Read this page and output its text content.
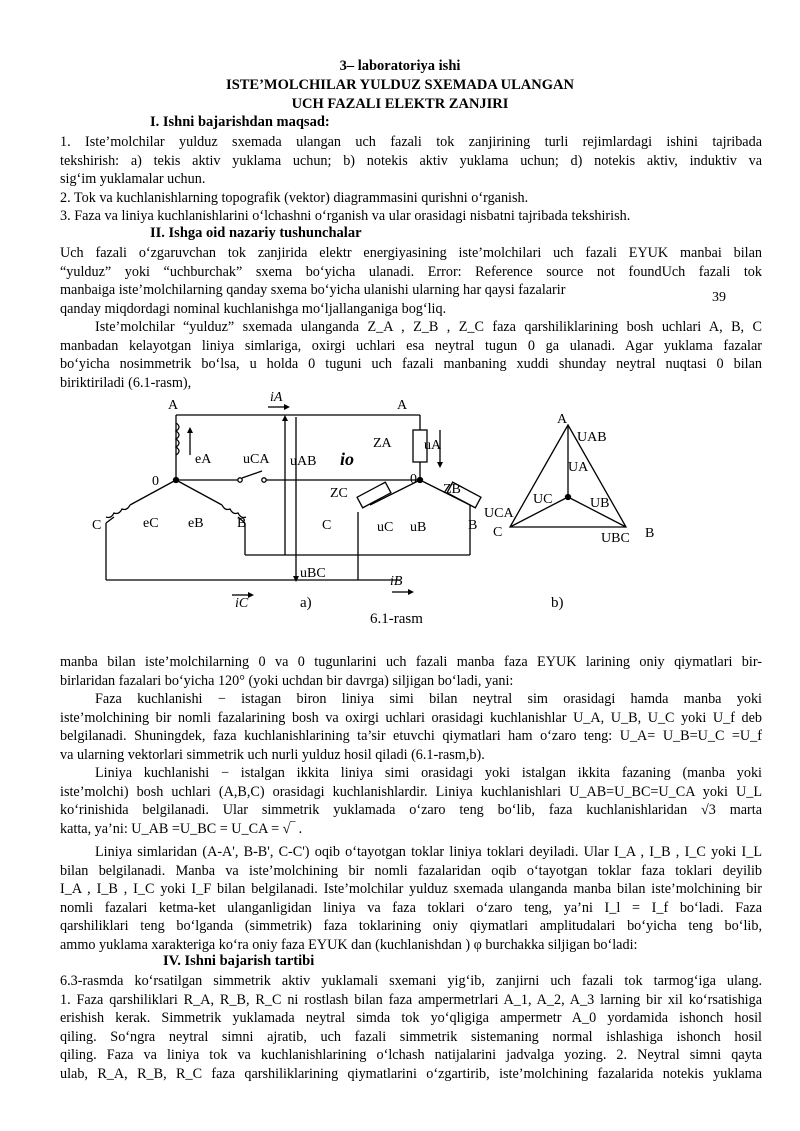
3– laboratoriya ishi
ISTE’MOLCHILAR YULDUZ SXEMADA ULANGAN
UCH FAZALI ELEKTR ZANJIRI
I. Ishni bajarishdan maqsad:
1. Iste’molchilar yulduz sxemada ulangan uch fazali tok zanjirining turli rejimlardagi ishini tajribada
tekshirish: a) tekis aktiv yuklama uchun; b) notekis aktiv yuklama uchun; d) notekis aktiv, induktiv va
sig‘im yuklamalar uchun.
2. Tok va kuchlanishlarning topografik (vektor) diagrammasini qurishni o‘rganish.
3. Faza va liniya kuchlanishlarini o‘lchashni o‘rganish va ular orasidagi nisbatni tajribada tekshirish.
II. Ishga oid nazariy tushunchalar
Uch fazali o‘zgaruvchan tok zanjirida elektr energiyasining iste’molchilari uch fazali EYUK manbai bilan
“yulduz” yoki “uchburchak” sxema bo‘yicha ulanadi. Error: Reference source not foundUch fazali tok
manbaiga iste’molchilarning qanday sxema bo‘yicha ulanishi ularning har qaysi fazalarir
qanday miqdordagi nominal kuchlanishga mo‘ljallanganiga bog‘liq.
39
Iste’molchilar “yulduz” sxemada ulanganda Z_A , Z_B , Z_C faza qarshiliklarining bosh uchlari A, B, C
manbadan kelayotgan liniya simlariga, oxirgi uchlari esa neytral tugun 0 ga ulanadi. Agar yuklama fazalar
bo‘yicha nosimmetrik bo‘lsa, u holda 0 tuguni uch fazali manbaning xuddi shunday neytral nuqtasi 0 bilan
biriktiriladi (6.1-rasm),
A	A
iA
eA uCA uAB io
ZA uA
0	0
ZC	ZB
C	eC eB B	C	uC uB	B
uBC
iB
iC	a)
6.1-rasm
A
UAB
UA
UC	UB
UCA
C	UBC B
b)
manba bilan iste’molchilarning 0 va 0 tugunlarini uch fazali manba faza EYUK larining oniy qiymatlari bir-
birlaridan fazalari bo‘yicha 120° (yoki uchdan bir davrga) siljigan bo‘ladi, yani:
Faza kuchlanishi − istagan biron liniya simi bilan neytral sim orasidagi hamda manba yoki
iste’molchining bir nomli fazalarining bosh va oxirgi uchlari orasidagi kuchlanishlar U_A, U_B, U_C yoki U_f deb
belgilanadi. Shuningdek, faza kuchlanishlarining ta’sir etuvchi qiymatlari ham o‘zaro teng: U_A= U_B=U_C =U_f
va ularning vektorlari simmetrik uch nurli yulduz hosil qiladi (6.1-rasm,b).
Liniya kuchlanishi − istalgan ikkita liniya simi orasidagi yoki istalgan ikkita fazaning (manba yoki
iste’molchi) bosh uchlari (A,B,C) orasidagi kuchlanishlardir. Liniya kuchlanishlari U_AB=U_BC=U_CA yoki U_L
ko‘rinishida belgilanadi. Ular simmetrik yuklamada o‘zaro teng bo‘lib, faza kuchlanishlaridan √3 marta
katta, ya’ni: U_AB =U_BC = U_CA = √‾ .
Liniya simlaridan (A-A', B-B', C-C') oqib o‘tayotgan toklar liniya toklari deyiladi. Ular I_A , I_B , I_C yoki I_L
bilan belgilanadi. Manba va iste’molchining bir nomli fazalaridan oqib o‘tayotgan toklar faza toklari deyilib
I_A , I_B , I_C yoki I_F bilan belgilanadi. Iste’molchilar yulduz sxemada ulanganda manba bilan iste’molchining bir
nomli fazalari ketma-ket ulanganligidan liniya va faza toklari o‘zaro teng, ya’ni I_l = I_f bo‘ladi. Faza
qarshiliklari teng bo‘lganda (simmetrik) faza toklarining oniy qiymatlari amplitudalari bo‘yicha teng bo‘lib,
ammo yuklama xarakteriga ko‘ra oniy faza EYUK dan (kuchlanishdan ) φ burchakka siljigan bo‘ladi:
IV. Ishni bajarish tartibi
6.3-rasmda ko‘rsatilgan simmetrik aktiv yuklamali sxemani yig‘ib, zanjirni uch fazali tok tarmog‘iga ulang.
1. Faza qarshiliklari R_A, R_B, R_C ni rostlash bilan faza ampermetrlari A_1, A_2, A_3 larning bir xil ko‘rsatishiga
erishish kerak. Simmetrik yuklamada neytral simda tok yo‘qligiga ampermetr A_0 yordamida ishonch hosil
qiling. So‘ngra neytral simni ajratib, uch fazali simmetrik sistemaning normal ishlashiga ishonch hosil
qiling. Faza va liniya tok va kuchlanishlarining o‘lchash natijalarini jadvalga yozing. 2. Neytral simni qayta
ulab, R_A, R_B, R_C faza qarshiliklarining qiymatlarini o‘zgartirib, iste’molchining fazalarida notekis yuklama
